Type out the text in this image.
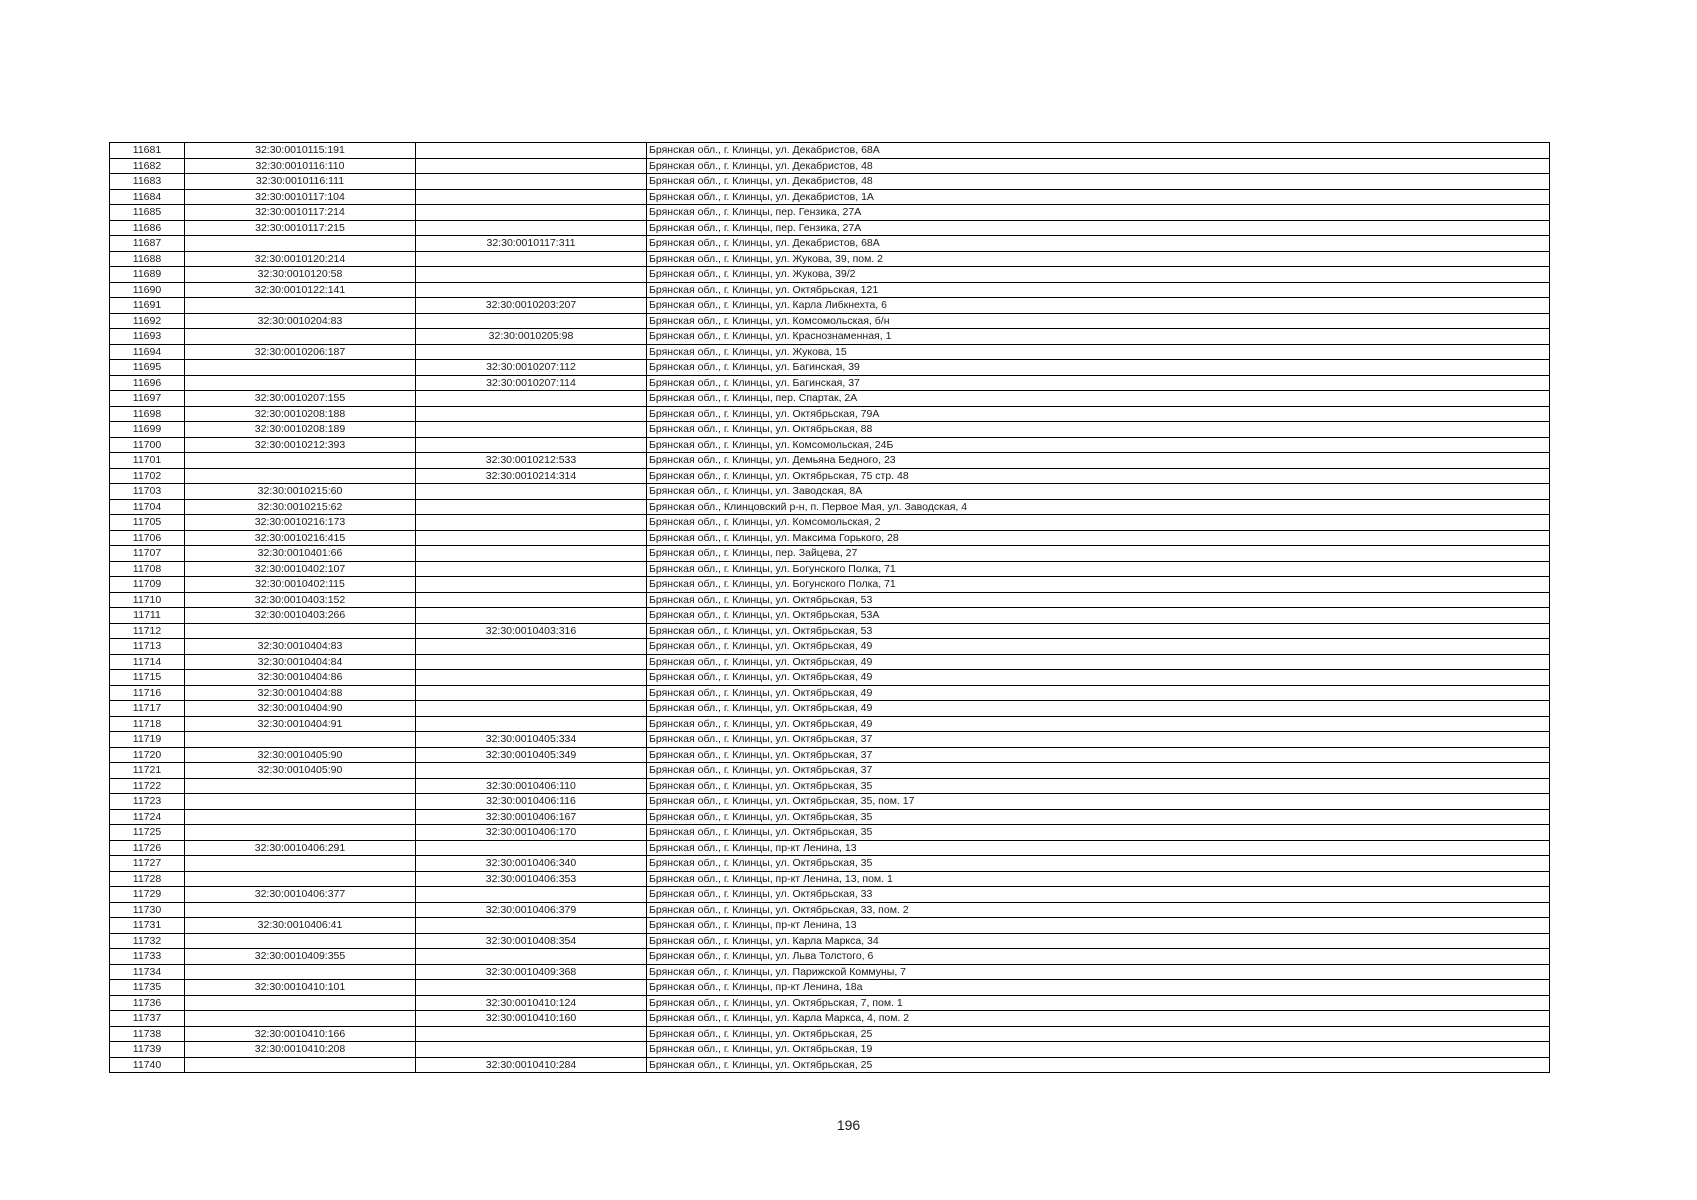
11681	32:30:0010115:191		Брянская обл., г. Клинцы, ул. Декабристов, 68А
11682	32:30:0010116:110		Брянская обл., г. Клинцы, ул. Декабристов, 48
11683	32:30:0010116:111		Брянская обл., г. Клинцы, ул. Декабристов, 48
11684	32:30:0010117:104		Брянская обл., г. Клинцы, ул. Декабристов, 1А
11685	32:30:0010117:214		Брянская обл., г. Клинцы, пер. Гензика, 27А
11686	32:30:0010117:215		Брянская обл., г. Клинцы, пер. Гензика, 27А
11687		32:30:0010117:311	Брянская обл., г. Клинцы, ул. Декабристов, 68А
11688	32:30:0010120:214		Брянская обл., г. Клинцы, ул. Жукова, 39, пом. 2
11689	32:30:0010120:58		Брянская обл., г. Клинцы, ул. Жукова, 39/2
11690	32:30:0010122:141		Брянская обл., г. Клинцы, ул. Октябрьская, 121
11691		32:30:0010203:207	Брянская обл., г. Клинцы, ул. Карла Либкнехта, 6
11692	32:30:0010204:83		Брянская обл., г. Клинцы, ул. Комсомольская, б/н
11693		32:30:0010205:98	Брянская обл., г. Клинцы, ул. Краснознаменная, 1
11694	32:30:0010206:187		Брянская обл., г. Клинцы, ул. Жукова, 15
11695		32:30:0010207:112	Брянская обл., г. Клинцы, ул. Багинская, 39
11696		32:30:0010207:114	Брянская обл., г. Клинцы, ул. Багинская, 37
11697	32:30:0010207:155		Брянская обл., г. Клинцы, пер. Спартак, 2А
11698	32:30:0010208:188		Брянская обл., г. Клинцы, ул. Октябрьская, 79А
11699	32:30:0010208:189		Брянская обл., г. Клинцы, ул. Октябрьская, 88
11700	32:30:0010212:393		Брянская обл., г. Клинцы, ул. Комсомольская, 24Б
11701		32:30:0010212:533	Брянская обл., г. Клинцы, ул. Демьяна Бедного, 23
11702		32:30:0010214:314	Брянская обл., г. Клинцы, ул. Октябрьская, 75 стр. 48
11703	32:30:0010215:60		Брянская обл., г. Клинцы, ул. Заводская, 8А
11704	32:30:0010215:62		Брянская обл., Клинцовский р-н, п. Первое Мая, ул. Заводская, 4
11705	32:30:0010216:173		Брянская обл., г. Клинцы, ул. Комсомольская, 2
11706	32:30:0010216:415		Брянская обл., г. Клинцы, ул. Максима Горького, 28
11707	32:30:0010401:66		Брянская обл., г. Клинцы, пер. Зайцева, 27
11708	32:30:0010402:107		Брянская обл., г. Клинцы, ул. Богунского Полка, 71
11709	32:30:0010402:115		Брянская обл., г. Клинцы, ул. Богунского Полка, 71
11710	32:30:0010403:152		Брянская обл., г. Клинцы, ул. Октябрьская, 53
11711	32:30:0010403:266		Брянская обл., г. Клинцы, ул. Октябрьская, 53А
11712		32:30:0010403:316	Брянская обл., г. Клинцы, ул. Октябрьская, 53
11713	32:30:0010404:83		Брянская обл., г. Клинцы, ул. Октябрьская, 49
11714	32:30:0010404:84		Брянская обл., г. Клинцы, ул. Октябрьская, 49
11715	32:30:0010404:86		Брянская обл., г. Клинцы, ул. Октябрьская, 49
11716	32:30:0010404:88		Брянская обл., г. Клинцы, ул. Октябрьская, 49
11717	32:30:0010404:90		Брянская обл., г. Клинцы, ул. Октябрьская, 49
11718	32:30:0010404:91		Брянская обл., г. Клинцы, ул. Октябрьская, 49
11719		32:30:0010405:334	Брянская обл., г. Клинцы, ул. Октябрьская, 37
11720	32:30:0010405:90	32:30:0010405:349	Брянская обл., г. Клинцы, ул. Октябрьская, 37
11721	32:30:0010405:90		Брянская обл., г. Клинцы, ул. Октябрьская, 37
11722		32:30:0010406:110	Брянская обл., г. Клинцы, ул. Октябрьская, 35
11723		32:30:0010406:116	Брянская обл., г. Клинцы, ул. Октябрьская, 35, пом. 17
11724		32:30:0010406:167	Брянская обл., г. Клинцы, ул. Октябрьская, 35
11725		32:30:0010406:170	Брянская обл., г. Клинцы, ул. Октябрьская, 35
11726	32:30:0010406:291		Брянская обл., г. Клинцы, пр-кт Ленина, 13
11727		32:30:0010406:340	Брянская обл., г. Клинцы, ул. Октябрьская, 35
11728		32:30:0010406:353	Брянская обл., г. Клинцы, пр-кт Ленина, 13, пом. 1
11729	32:30:0010406:377		Брянская обл., г. Клинцы, ул. Октябрьская, 33
11730		32:30:0010406:379	Брянская обл., г. Клинцы, ул. Октябрьская, 33, пом. 2
11731	32:30:0010406:41		Брянская обл., г. Клинцы, пр-кт Ленина, 13
11732		32:30:0010408:354	Брянская обл., г. Клинцы, ул. Карла Маркса, 34
11733	32:30:0010409:355		Брянская обл., г. Клинцы, ул. Льва Толстого, 6
11734		32:30:0010409:368	Брянская обл., г. Клинцы, ул. Парижской Коммуны, 7
11735	32:30:0010410:101		Брянская обл., г. Клинцы, пр-кт Ленина, 18а
11736		32:30:0010410:124	Брянская обл., г. Клинцы, ул. Октябрьская, 7, пом. 1
11737		32:30:0010410:160	Брянская обл., г. Клинцы, ул. Карла Маркса, 4, пом. 2
11738	32:30:0010410:166		Брянская обл., г. Клинцы, ул. Октябрьская, 25
11739	32:30:0010410:208		Брянская обл., г. Клинцы, ул. Октябрьская, 19
11740		32:30:0010410:284	Брянская обл., г. Клинцы, ул. Октябрьская, 25
196
